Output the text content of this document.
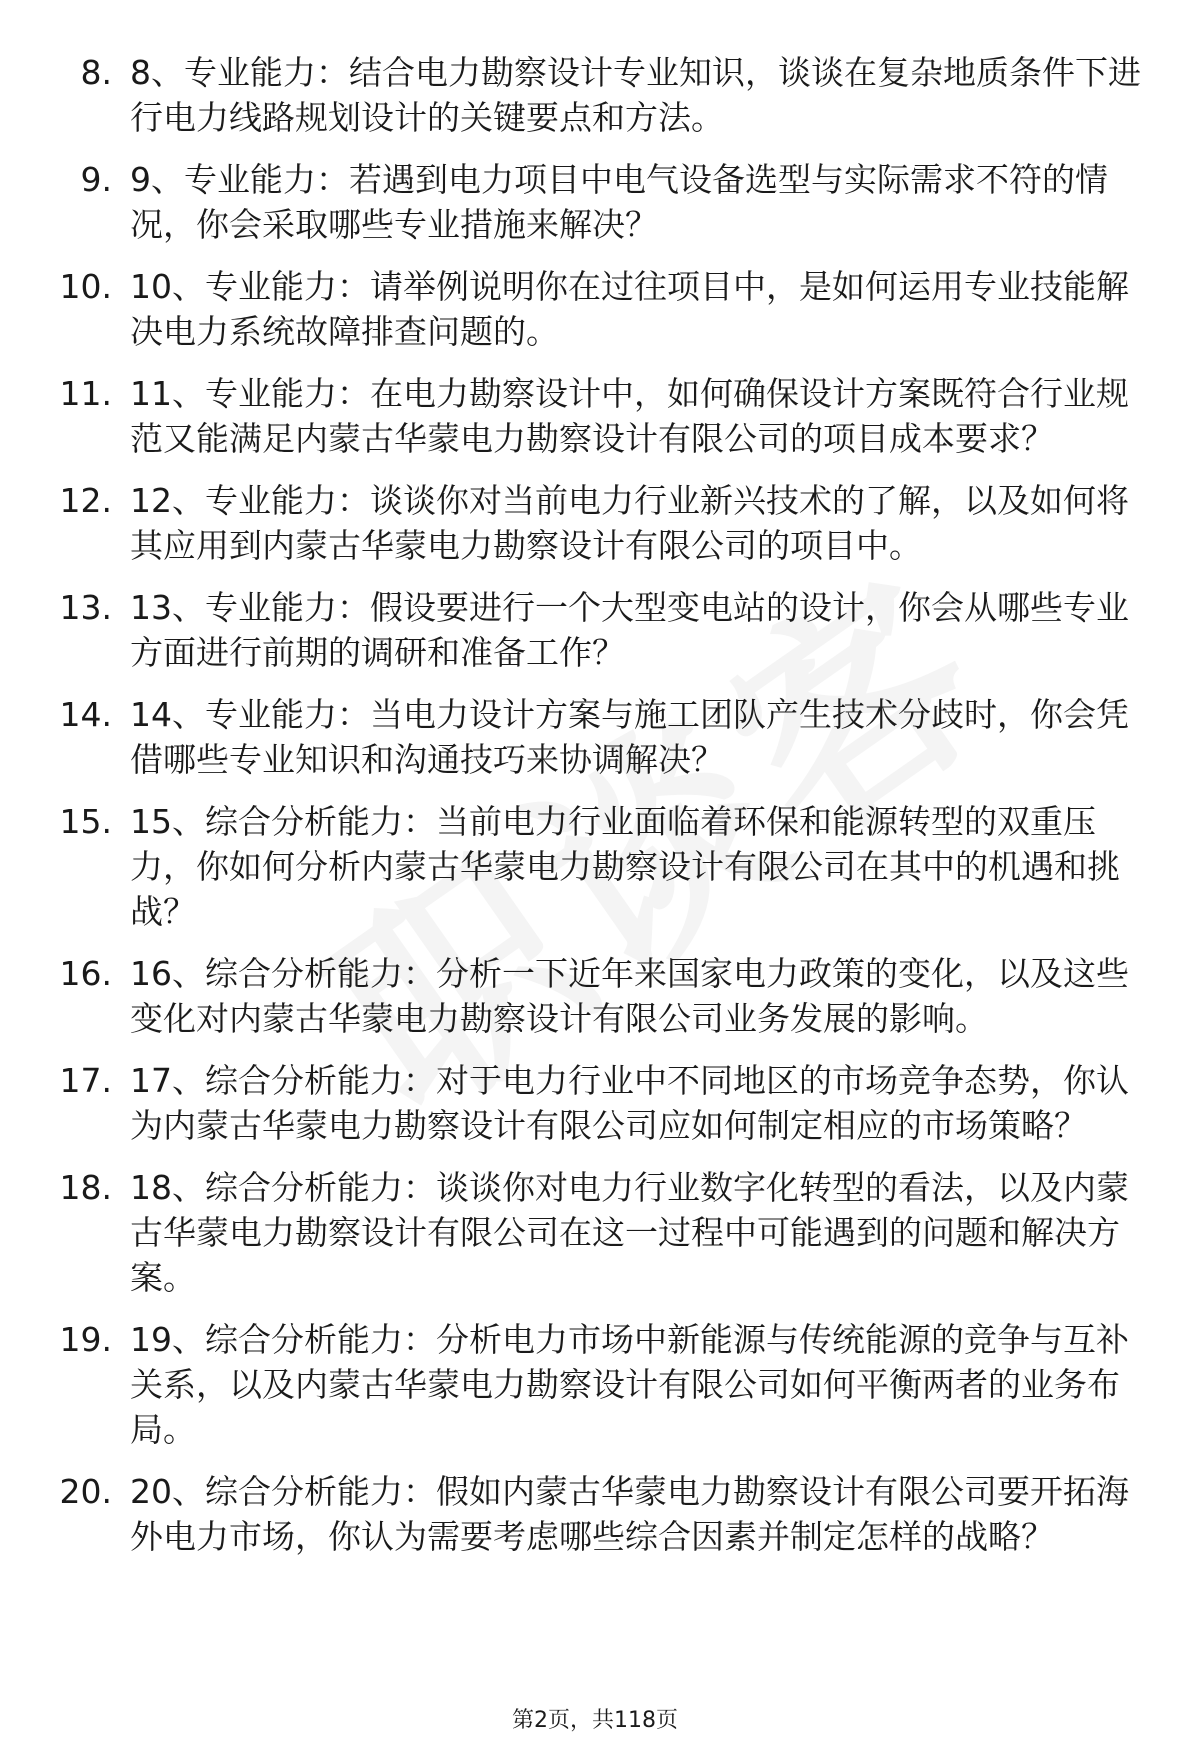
8. 8、专业能力：结合电力勘察设计专业知识，谈谈在复杂地质条件下进行电力线路规划设计的关键要点和方法。
9. 9、专业能力：若遇到电力项目中电气设备选型与实际需求不符的情况，你会采取哪些专业措施来解决？
10. 10、专业能力：请举例说明你在过往项目中，是如何运用专业技能解决电力系统故障排查问题的。
11. 11、专业能力：在电力勘察设计中，如何确保设计方案既符合行业规范又能满足内蒙古华蒙电力勘察设计有限公司的项目成本要求？
12. 12、专业能力：谈谈你对当前电力行业新兴技术的了解，以及如何将其应用到内蒙古华蒙电力勘察设计有限公司的项目中。
13. 13、专业能力：假设要进行一个大型变电站的设计，你会从哪些专业方面进行前期的调研和准备工作？
14. 14、专业能力：当电力设计方案与施工团队产生技术分歧时，你会凭借哪些专业知识和沟通技巧来协调解决？
15. 15、综合分析能力：当前电力行业面临着环保和能源转型的双重压力，你如何分析内蒙古华蒙电力勘察设计有限公司在其中的机遇和挑战？
16. 16、综合分析能力：分析一下近年来国家电力政策的变化，以及这些变化对内蒙古华蒙电力勘察设计有限公司业务发展的影响。
17. 17、综合分析能力：对于电力行业中不同地区的市场竞争态势，你认为内蒙古华蒙电力勘察设计有限公司应如何制定相应的市场策略？
18. 18、综合分析能力：谈谈你对电力行业数字化转型的看法，以及内蒙古华蒙电力勘察设计有限公司在这一过程中可能遇到的问题和解决方案。
19. 19、综合分析能力：分析电力市场中新能源与传统能源的竞争与互补关系，以及内蒙古华蒙电力勘察设计有限公司如何平衡两者的业务布局。
20. 20、综合分析能力：假如内蒙古华蒙电力勘察设计有限公司要开拓海外电力市场，你认为需要考虑哪些综合因素并制定怎样的战略？
第2页，共118页
